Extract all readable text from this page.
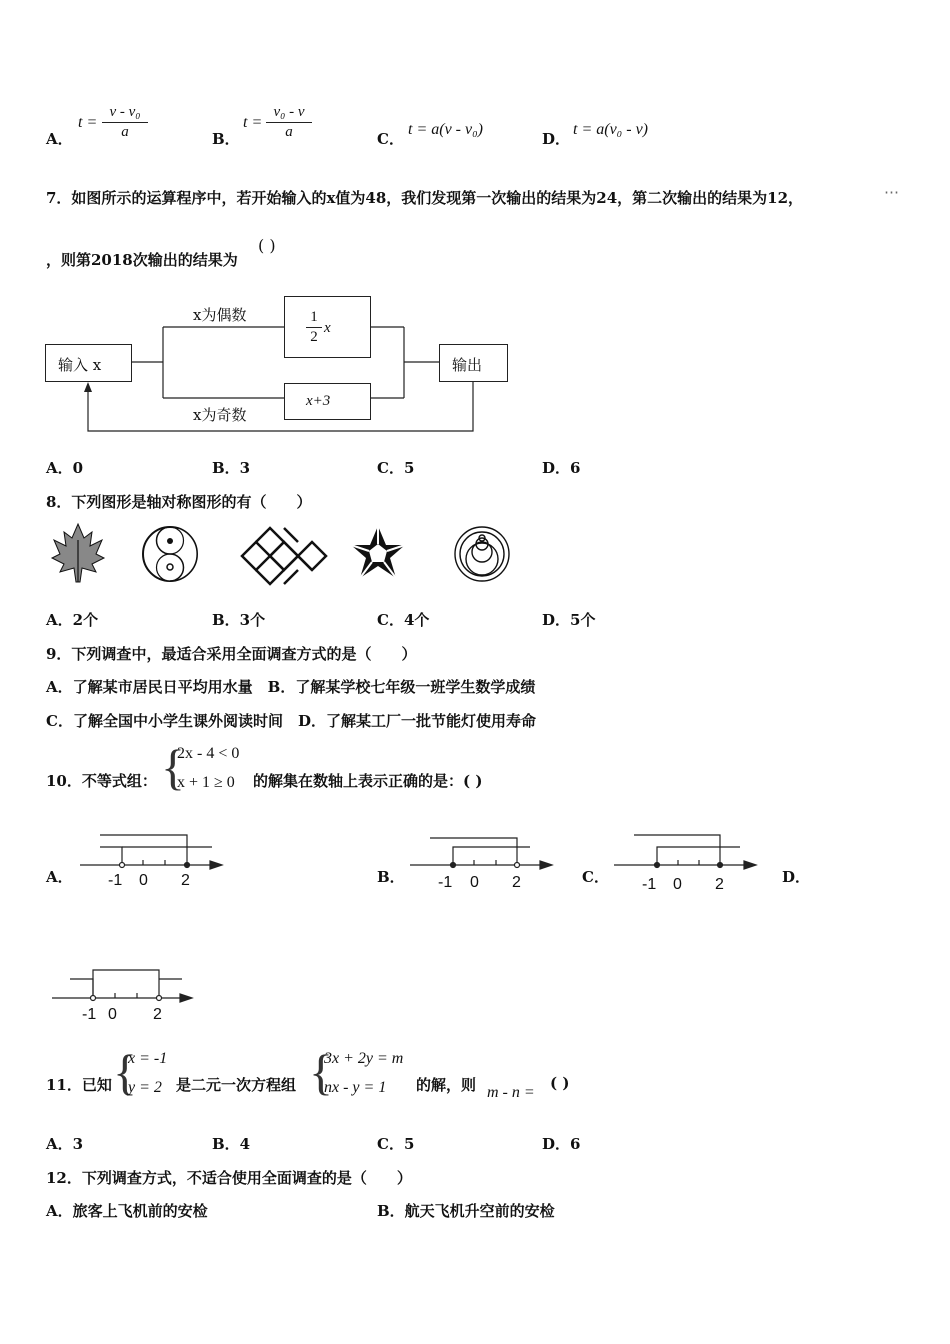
A．
t =
v - v₀
a	B．
t =
v₀ - v
a	C．
t = a(v - v₀)
D．
t = a(v₀ - v)
7．如图所示的运算程序中，若开始输入的x值为48，我们发现第一次输出的结果为24，第二次输出的结果为12，	⋯
，则第2018次输出的结果为
( )
输入 x
x为偶数
x为奇数
1
2
x
x+3
输出
A．0	B．3	C．5	D．6
8．下列图形是轴对称图形的有（　　）
A．2个	B．3个	C．4个	D．5个
9．下列调查中，最适合采用全面调查方式的是（　　）
A．了解某市居民日平均用水量　B．了解某学校七年级一班学生数学成绩
C．了解全国中小学生课外阅读时间　D．了解某工厂一批节能灯使用寿命
10．不等式组： {
2x - 4 < 0
x + 1 ≥ 0 的解集在数轴上表示正确的是：( )
A．	B．	C．	D．
-1 0 2	-1 0 2	-1 0 2
-1 0 2
11．已知 {
x = -1
y = 2 是二元一次方程组 {
3x + 2y = m
nx - y = 1 的解，则 m - n =
( )
A．3	B．4	C．5	D．6
12．下列调查方式，不适合使用全面调查的是（　　）
A．旅客上飞机前的安检	B．航天飞机升空前的安检
